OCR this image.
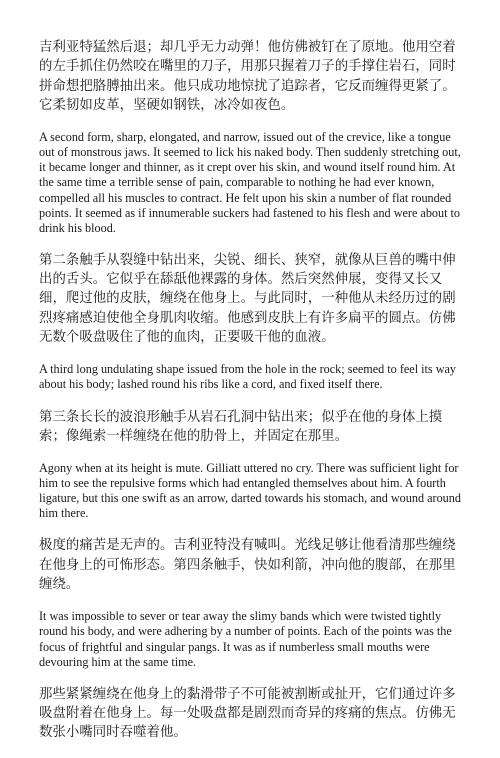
吉利亚特猛然后退；却几乎无力动弹！他仿佛被钉在了原地。他用空着的左手抓住仍然咬在嘴里的刀子，用那只握着刀子的手撑住岩石，同时拼命想把胳膊抽出来。他只成功地惊扰了追踪者，它反而缠得更紧了。它柔韧如皮革，坚硬如钢铁，冰冷如夜色。

A second form, sharp, elongated, and narrow, issued out of the crevice, like a tongue out of monstrous jaws. It seemed to lick his naked body. Then suddenly stretching out, it became longer and thinner, as it crept over his skin, and wound itself round him. At the same time a terrible sense of pain, comparable to nothing he had ever known, compelled all his muscles to contract. He felt upon his skin a number of flat rounded points. It seemed as if innumerable suckers had fastened to his flesh and were about to drink his blood.

第二条触手从裂缝中钻出来，尖锐、细长、狭窄，就像从巨兽的嘴中伸出的舌头。它似乎在舔舐他裸露的身体。然后突然伸展，变得又长又细，爬过他的皮肤，缠绕在他身上。与此同时，一种他从未经历过的剧烈疼痛感迫使他全身肌肉收缩。他感到皮肤上有许多扁平的圆点。仿佛无数个吸盘吸住了他的血肉，正要吸干他的血液。

A third long undulating shape issued from the hole in the rock; seemed to feel its way about his body; lashed round his ribs like a cord, and fixed itself there.

第三条长长的波浪形触手从岩石孔洞中钻出来；似乎在他的身体上摸索；像绳索一样缠绕在他的肋骨上，并固定在那里。

Agony when at its height is mute. Gilliatt uttered no cry. There was sufficient light for him to see the repulsive forms which had entangled themselves about him. A fourth ligature, but this one swift as an arrow, darted towards his stomach, and wound around him there.

极度的痛苦是无声的。吉利亚特没有喊叫。光线足够让他看清那些缠绕在他身上的可怖形态。第四条触手，快如利箭，冲向他的腹部，在那里缠绕。

It was impossible to sever or tear away the slimy bands which were twisted tightly round his body, and were adhering by a number of points. Each of the points was the focus of frightful and singular pangs. It was as if numberless small mouths were devouring him at the same time.

那些紧紧缠绕在他身上的黏滑带子不可能被割断或扯开，它们通过许多吸盘附着在他身上。每一处吸盘都是剧烈而奇异的疼痛的焦点。仿佛无数张小嘴同时吞噬着他。
